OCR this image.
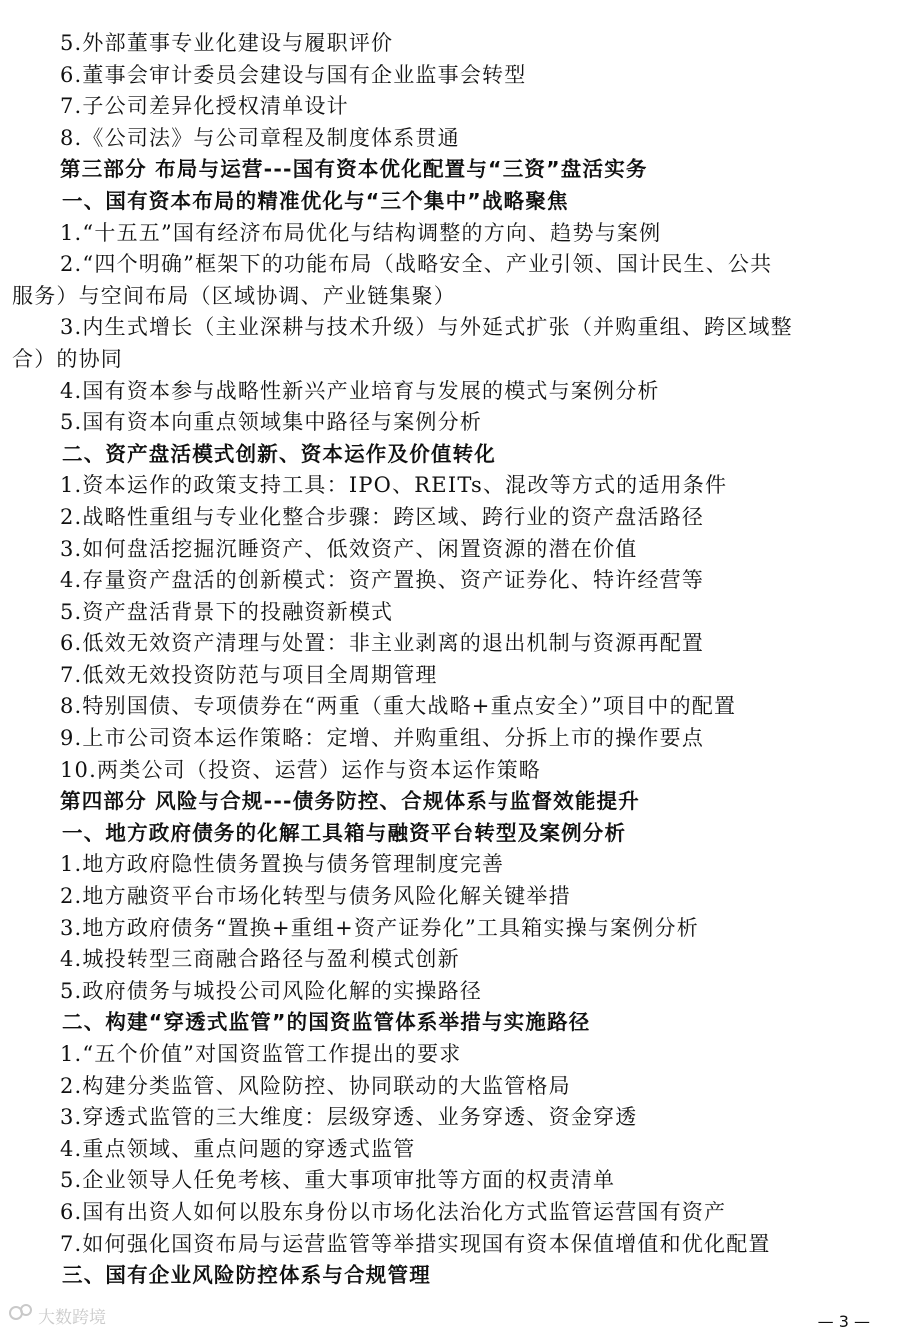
5.外部董事专业化建设与履职评价
6.董事会审计委员会建设与国有企业监事会转型
7.子公司差异化授权清单设计
8.《公司法》与公司章程及制度体系贯通
第三部分 布局与运营---国有资本优化配置与“三资”盘活实务
一、国有资本布局的精准优化与“三个集中”战略聚焦
1.“十五五”国有经济布局优化与结构调整的方向、趋势与案例
2.“四个明确”框架下的功能布局（战略安全、产业引领、国计民生、公共
服务）与空间布局（区域协调、产业链集聚）
3.内生式增长（主业深耕与技术升级）与外延式扩张（并购重组、跨区域整
合）的协同
4.国有资本参与战略性新兴产业培育与发展的模式与案例分析
5.国有资本向重点领域集中路径与案例分析
二、资产盘活模式创新、资本运作及价值转化
1.资本运作的政策支持工具：IPO、REITs、混改等方式的适用条件
2.战略性重组与专业化整合步骤：跨区域、跨行业的资产盘活路径
3.如何盘活挖掘沉睡资产、低效资产、闲置资源的潜在价值
4.存量资产盘活的创新模式：资产置换、资产证券化、特许经营等
5.资产盘活背景下的投融资新模式
6.低效无效资产清理与处置：非主业剥离的退出机制与资源再配置
7.低效无效投资防范与项目全周期管理
8.特别国债、专项债券在“两重（重大战略+重点安全）”项目中的配置
9.上市公司资本运作策略：定增、并购重组、分拆上市的操作要点
10.两类公司（投资、运营）运作与资本运作策略
第四部分 风险与合规---债务防控、合规体系与监督效能提升
一、地方政府债务的化解工具箱与融资平台转型及案例分析
1.地方政府隐性债务置换与债务管理制度完善
2.地方融资平台市场化转型与债务风险化解关键举措
3.地方政府债务“置换+重组+资产证券化”工具箱实操与案例分析
4.城投转型三商融合路径与盈利模式创新
5.政府债务与城投公司风险化解的实操路径
二、构建“穿透式监管”的国资监管体系举措与实施路径
1.“五个价值”对国资监管工作提出的要求
2.构建分类监管、风险防控、协同联动的大监管格局
3.穿透式监管的三大维度：层级穿透、业务穿透、资金穿透
4.重点领域、重点问题的穿透式监管
5.企业领导人任免考核、重大事项审批等方面的权责清单
6.国有出资人如何以股东身份以市场化法治化方式监管运营国有资产
7.如何强化国资布局与运营监管等举措实现国有资本保值增值和优化配置
三、国有企业风险防控体系与合规管理
大数跨境	— 3 —
